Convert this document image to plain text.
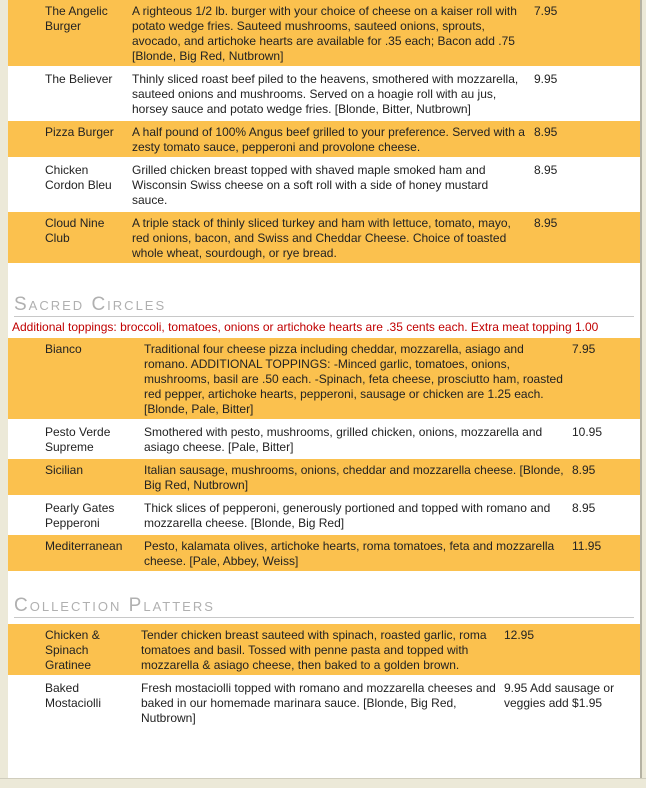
	The Angelic Burger	A righteous 1/2 lb. burger with your choice of cheese on a kaiser roll with potato wedge fries. Sauteed mushrooms, sauteed onions, sprouts, avocado, and artichoke hearts are available for .35 each; Bacon add .75 [Blonde, Big Red, Nutbrown]	7.95
	The Believer	Thinly sliced roast beef piled to the heavens, smothered with mozzarella, sauteed onions and mushrooms. Served on a hoagie roll with au jus, horsey sauce and potato wedge fries. [Blonde, Bitter, Nutbrown]	9.95
	Pizza Burger	A half pound of 100% Angus beef grilled to your preference. Served with a zesty tomato sauce, pepperoni and provolone cheese.	8.95
	Chicken Cordon Bleu	Grilled chicken breast topped with shaved maple smoked ham and Wisconsin Swiss cheese on a soft roll with a side of honey mustard sauce.	8.95
	Cloud Nine Club	A triple stack of thinly sliced turkey and ham with lettuce, tomato, mayo, red onions, bacon, and Swiss and Cheddar Cheese. Choice of toasted whole wheat, sourdough, or rye bread.	8.95
Sacred Circles
Additional toppings: broccoli, tomatoes, onions or artichoke hearts are .35 cents each. Extra meat topping 1.00
	Bianco	Traditional four cheese pizza including cheddar, mozzarella, asiago and romano. ADDITIONAL TOPPINGS: -Minced garlic, tomatoes, onions, mushrooms, basil are .50 each. -Spinach, feta cheese, prosciutto ham, roasted red pepper, artichoke hearts, pepperoni, sausage or chicken are 1.25 each. [Blonde, Pale, Bitter]	7.95
	Pesto Verde Supreme	Smothered with pesto, mushrooms, grilled chicken, onions, mozzarella and asiago cheese. [Pale, Bitter]	10.95
	Sicilian	Italian sausage, mushrooms, onions, cheddar and mozzarella cheese. [Blonde, Big Red, Nutbrown]	8.95
	Pearly Gates Pepperoni	Thick slices of pepperoni, generously portioned and topped with romano and mozzarella cheese. [Blonde, Big Red]	8.95
	Mediterranean	Pesto, kalamata olives, artichoke hearts, roma tomatoes, feta and mozzarella cheese. [Pale, Abbey, Weiss]	11.95
Collection Platters
	Chicken & Spinach Gratinee	Tender chicken breast sauteed with spinach, roasted garlic, roma tomatoes and basil. Tossed with penne pasta and topped with mozzarella & asiago cheese, then baked to a golden brown.	12.95
	Baked Mostaciolli	Fresh mostaciolli topped with romano and mozzarella cheeses and baked in our homemade marinara sauce. [Blonde, Big Red, Nutbrown]	9.95 Add sausage or veggies add $1.95
